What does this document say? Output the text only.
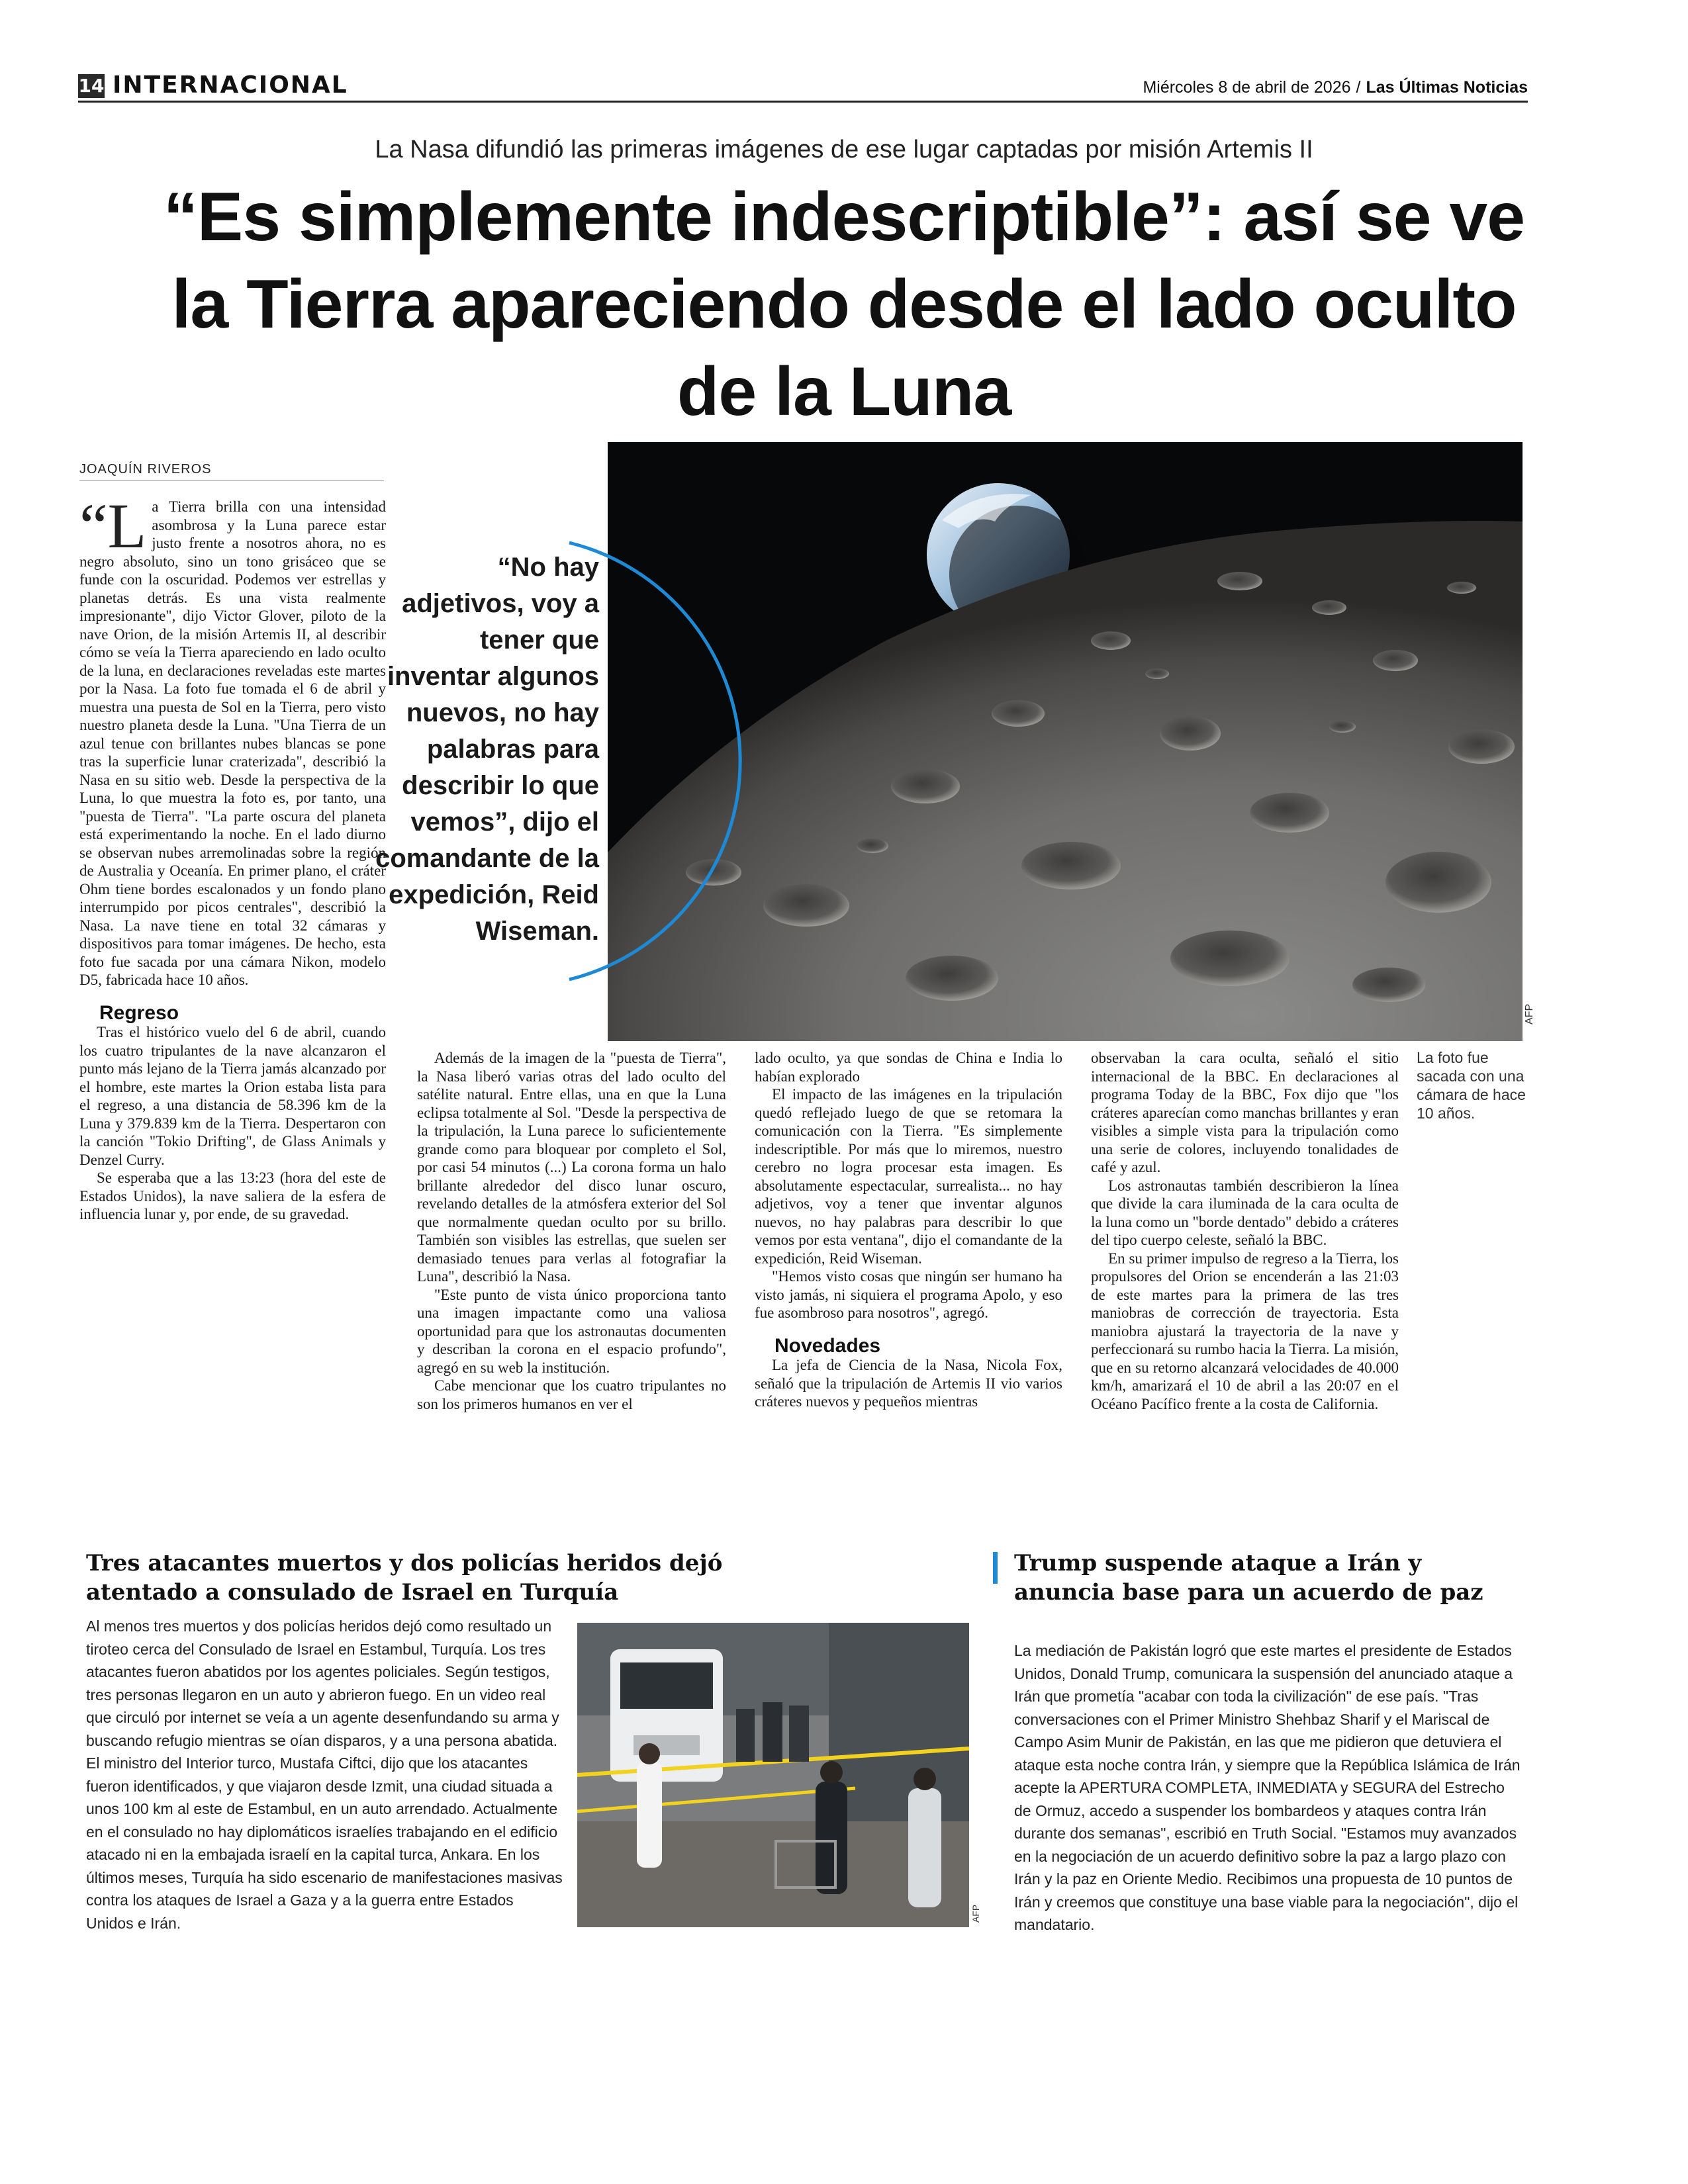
14 INTERNACIONAL	Miércoles 8 de abril de 2026 / Las Últimas Noticias
La Nasa difundió las primeras imágenes de ese lugar captadas por misión Artemis II
“Es simplemente indescriptible”: así se ve la Tierra apareciendo desde el lado oculto de la Luna
JOAQUÍN RIVEROS
AFP
“No hay adjetivos, voy a tener que inventar algunos nuevos, no hay palabras para describir lo que vemos”, dijo el comandante de la expedición, Reid Wiseman.

“La Tierra brilla con una intensidad asombrosa y la Luna parece estar justo frente a nosotros ahora, no es negro absoluto, sino un tono grisáceo que se funde con la oscuridad. Podemos ver estrellas y planetas detrás. Es una vista realmente impresionante", dijo Victor Glover, piloto de la nave Orion, de la misión Artemis II, al describir cómo se veía la Tierra apareciendo en lado oculto de la luna, en declaraciones reveladas este martes por la Nasa. La foto fue tomada el 6 de abril y muestra una puesta de Sol en la Tierra, pero visto nuestro planeta desde la Luna. "Una Tierra de un azul tenue con brillantes nubes blancas se pone tras la superficie lunar craterizada", describió la Nasa en su sitio web. Desde la perspectiva de la Luna, lo que muestra la foto es, por tanto, una "puesta de Tierra". "La parte oscura del planeta está experimentando la noche. En el lado diurno se observan nubes arremolinadas sobre la región de Australia y Oceanía. En primer plano, el cráter Ohm tiene bordes escalonados y un fondo plano interrumpido por picos centrales", describió la Nasa. La nave tiene en total 32 cámaras y dispositivos para tomar imágenes. De hecho, esta foto fue sacada por una cámara Nikon, modelo D5, fabricada hace 10 años.

Regreso

Tras el histórico vuelo del 6 de abril, cuando los cuatro tripulantes de la nave alcanzaron el punto más lejano de la Tierra jamás alcanzado por el hombre, este martes la Orion estaba lista para el regreso, a una distancia de 58.396 km de la Luna y 379.839 km de la Tierra. Despertaron con la canción "Tokio Drifting", de Glass Animals y Denzel Curry.

Se esperaba que a las 13:23 (hora del este de Estados Unidos), la nave saliera de la esfera de influencia lunar y, por ende, de su gravedad.

Además de la imagen de la "puesta de Tierra", la Nasa liberó varias otras del lado oculto del satélite natural. Entre ellas, una en que la Luna eclipsa totalmente al Sol. "Desde la perspectiva de la tripulación, la Luna parece lo suficientemente grande como para bloquear por completo el Sol, por casi 54 minutos (...) La corona forma un halo brillante alrededor del disco lunar oscuro, revelando detalles de la atmósfera exterior del Sol que normalmente quedan oculto por su brillo. También son visibles las estrellas, que suelen ser demasiado tenues para verlas al fotografiar la Luna", describió la Nasa.

"Este punto de vista único proporciona tanto una imagen impactante como una valiosa oportunidad para que los astronautas documenten y describan la corona en el espacio profundo", agregó en su web la institución.

Cabe mencionar que los cuatro tripulantes no son los primeros humanos en ver el

lado oculto, ya que sondas de China e India lo habían explorado

El impacto de las imágenes en la tripulación quedó reflejado luego de que se retomara la comunicación con la Tierra. "Es simplemente indescriptible. Por más que lo miremos, nuestro cerebro no logra procesar esta imagen. Es absolutamente espectacular, surrealista... no hay adjetivos, voy a tener que inventar algunos nuevos, no hay palabras para describir lo que vemos por esta ventana", dijo el comandante de la expedición, Reid Wiseman.

"Hemos visto cosas que ningún ser humano ha visto jamás, ni siquiera el programa Apolo, y eso fue asombroso para nosotros", agregó.

Novedades

La jefa de Ciencia de la Nasa, Nicola Fox, señaló que la tripulación de Artemis II vio varios cráteres nuevos y pequeños mientras

observaban la cara oculta, señaló el sitio internacional de la BBC. En declaraciones al programa Today de la BBC, Fox dijo que "los cráteres aparecían como manchas brillantes y eran visibles a simple vista para la tripulación como una serie de colores, incluyendo tonalidades de café y azul.

Los astronautas también describieron la línea que divide la cara iluminada de la cara oculta de la luna como un "borde dentado" debido a cráteres del tipo cuerpo celeste, señaló la BBC.

En su primer impulso de regreso a la Tierra, los propulsores del Orion se encenderán a las 21:03 de este martes para la primera de las tres maniobras de corrección de trayectoria. Esta maniobra ajustará la trayectoria de la nave y perfeccionará su rumbo hacia la Tierra. La misión, que en su retorno alcanzará velocidades de 40.000 km/h, amarizará el 10 de abril a las 20:07 en el Océano Pacífico frente a la costa de California.

La foto fue sacada con una cámara de hace 10 años.
Tres atacantes muertos y dos policías heridos dejó atentado a consulado de Israel en Turquía
Al menos tres muertos y dos policías heridos dejó como resultado un tiroteo cerca del Consulado de Israel en Estambul, Turquía. Los tres atacantes fueron abatidos por los agentes policiales. Según testigos, tres personas llegaron en un auto y abrieron fuego. En un video real que circuló por internet se veía a un agente desenfundando su arma y buscando refugio mientras se oían disparos, y a una persona abatida. El ministro del Interior turco, Mustafa Ciftci, dijo que los atacantes fueron identificados, y que viajaron desde Izmit, una ciudad situada a unos 100 km al este de Estambul, en un auto arrendado. Actualmente en el consulado no hay diplomáticos israelíes trabajando en el edificio atacado ni en la embajada israelí en la capital turca, Ankara. En los últimos meses, Turquía ha sido escenario de manifestaciones masivas contra los ataques de Israel a Gaza y a la guerra entre Estados Unidos e Irán.
AFP
Trump suspende ataque a Irán y anuncia base para un acuerdo de paz
La mediación de Pakistán logró que este martes el presidente de Estados Unidos, Donald Trump, comunicara la suspensión del anunciado ataque a Irán que prometía "acabar con toda la civilización" de ese país. "Tras conversaciones con el Primer Ministro Shehbaz Sharif y el Mariscal de Campo Asim Munir de Pakistán, en las que me pidieron que detuviera el ataque esta noche contra Irán, y siempre que la República Islámica de Irán acepte la APERTURA COMPLETA, INMEDIATA y SEGURA del Estrecho de Ormuz, accedo a suspender los bombardeos y ataques contra Irán durante dos semanas", escribió en Truth Social. "Estamos muy avanzados en la negociación de un acuerdo definitivo sobre la paz a largo plazo con Irán y la paz en Oriente Medio. Recibimos una propuesta de 10 puntos de Irán y creemos que constituye una base viable para la negociación", dijo el mandatario.
